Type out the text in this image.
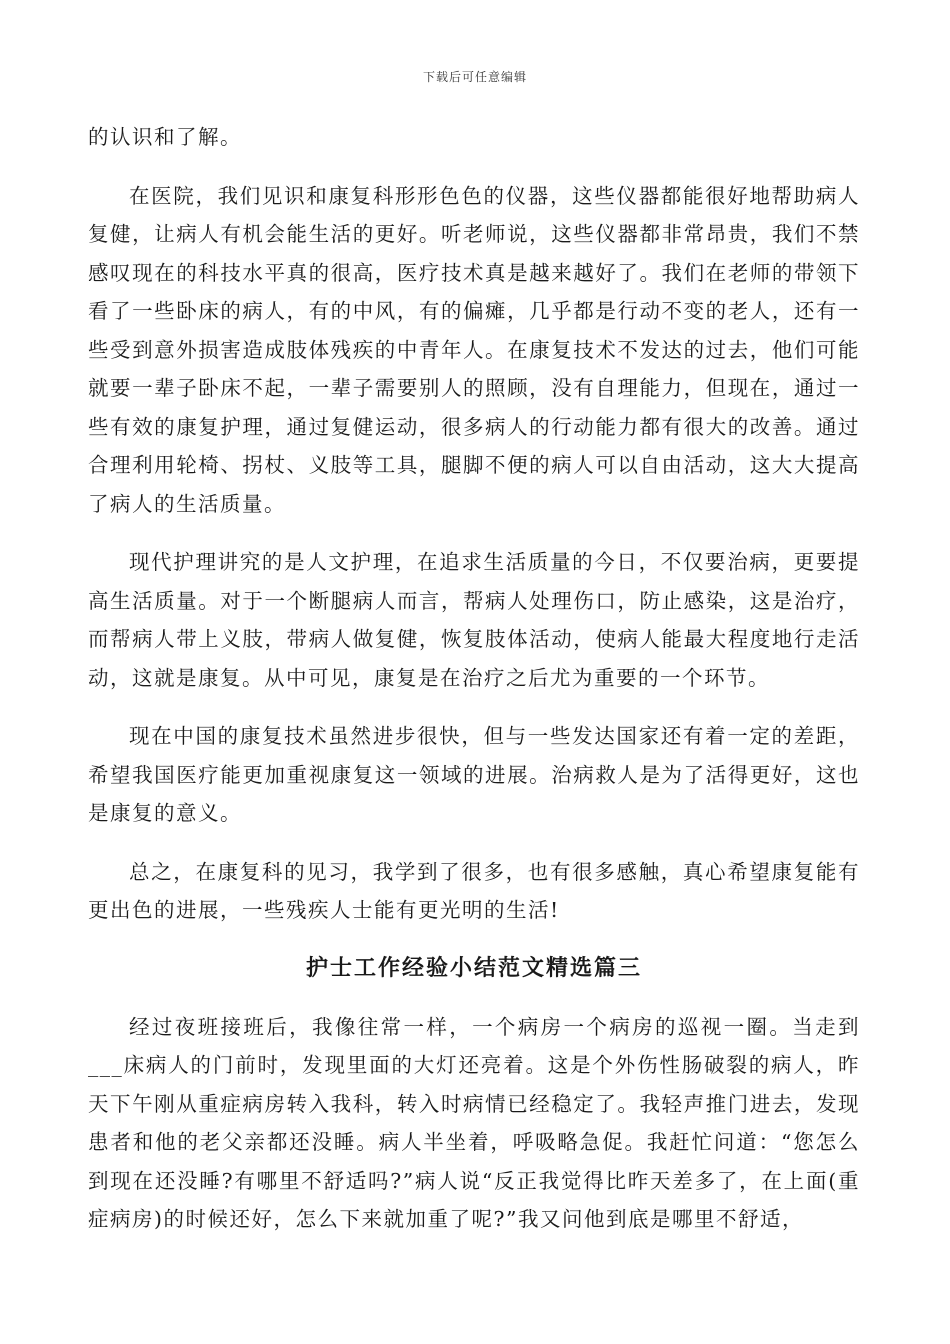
下载后可任意编辑

的认识和了解。

在医院，我们见识和康复科形形色色的仪器，这些仪器都能很好地帮助病人复健，让病人有机会能生活的更好。听老师说，这些仪器都非常昂贵，我们不禁感叹现在的科技水平真的很高，医疗技术真是越来越好了。我们在老师的带领下看了一些卧床的病人，有的中风，有的偏瘫，几乎都是行动不变的老人，还有一些受到意外损害造成肢体残疾的中青年人。在康复技术不发达的过去，他们可能就要一辈子卧床不起，一辈子需要别人的照顾，没有自理能力，但现在，通过一些有效的康复护理，通过复健运动，很多病人的行动能力都有很大的改善。通过合理利用轮椅、拐杖、义肢等工具，腿脚不便的病人可以自由活动，这大大提高了病人的生活质量。

现代护理讲究的是人文护理，在追求生活质量的今日，不仅要治病，更要提高生活质量。对于一个断腿病人而言，帮病人处理伤口，防止感染，这是治疗，而帮病人带上义肢，带病人做复健，恢复肢体活动，使病人能最大程度地行走活动，这就是康复。从中可见，康复是在治疗之后尤为重要的一个环节。

现在中国的康复技术虽然进步很快，但与一些发达国家还有着一定的差距，希望我国医疗能更加重视康复这一领域的进展。治病救人是为了活得更好，这也是康复的意义。

总之，在康复科的见习，我学到了很多，也有很多感触，真心希望康复能有更出色的进展，一些残疾人士能有更光明的生活!

护士工作经验小结范文精选篇三

经过夜班接班后，我像往常一样，一个病房一个病房的巡视一圈。当走到___床病人的门前时，发现里面的大灯还亮着。这是个外伤性肠破裂的病人，昨天下午刚从重症病房转入我科，转入时病情已经稳定了。我轻声推门进去，发现患者和他的老父亲都还没睡。病人半坐着，呼吸略急促。我赶忙问道：“您怎么到现在还没睡?有哪里不舒适吗?”病人说“反正我觉得比昨天差多了，在上面(重症病房)的时候还好，怎么下来就加重了呢?”我又问他到底是哪里不舒适，
